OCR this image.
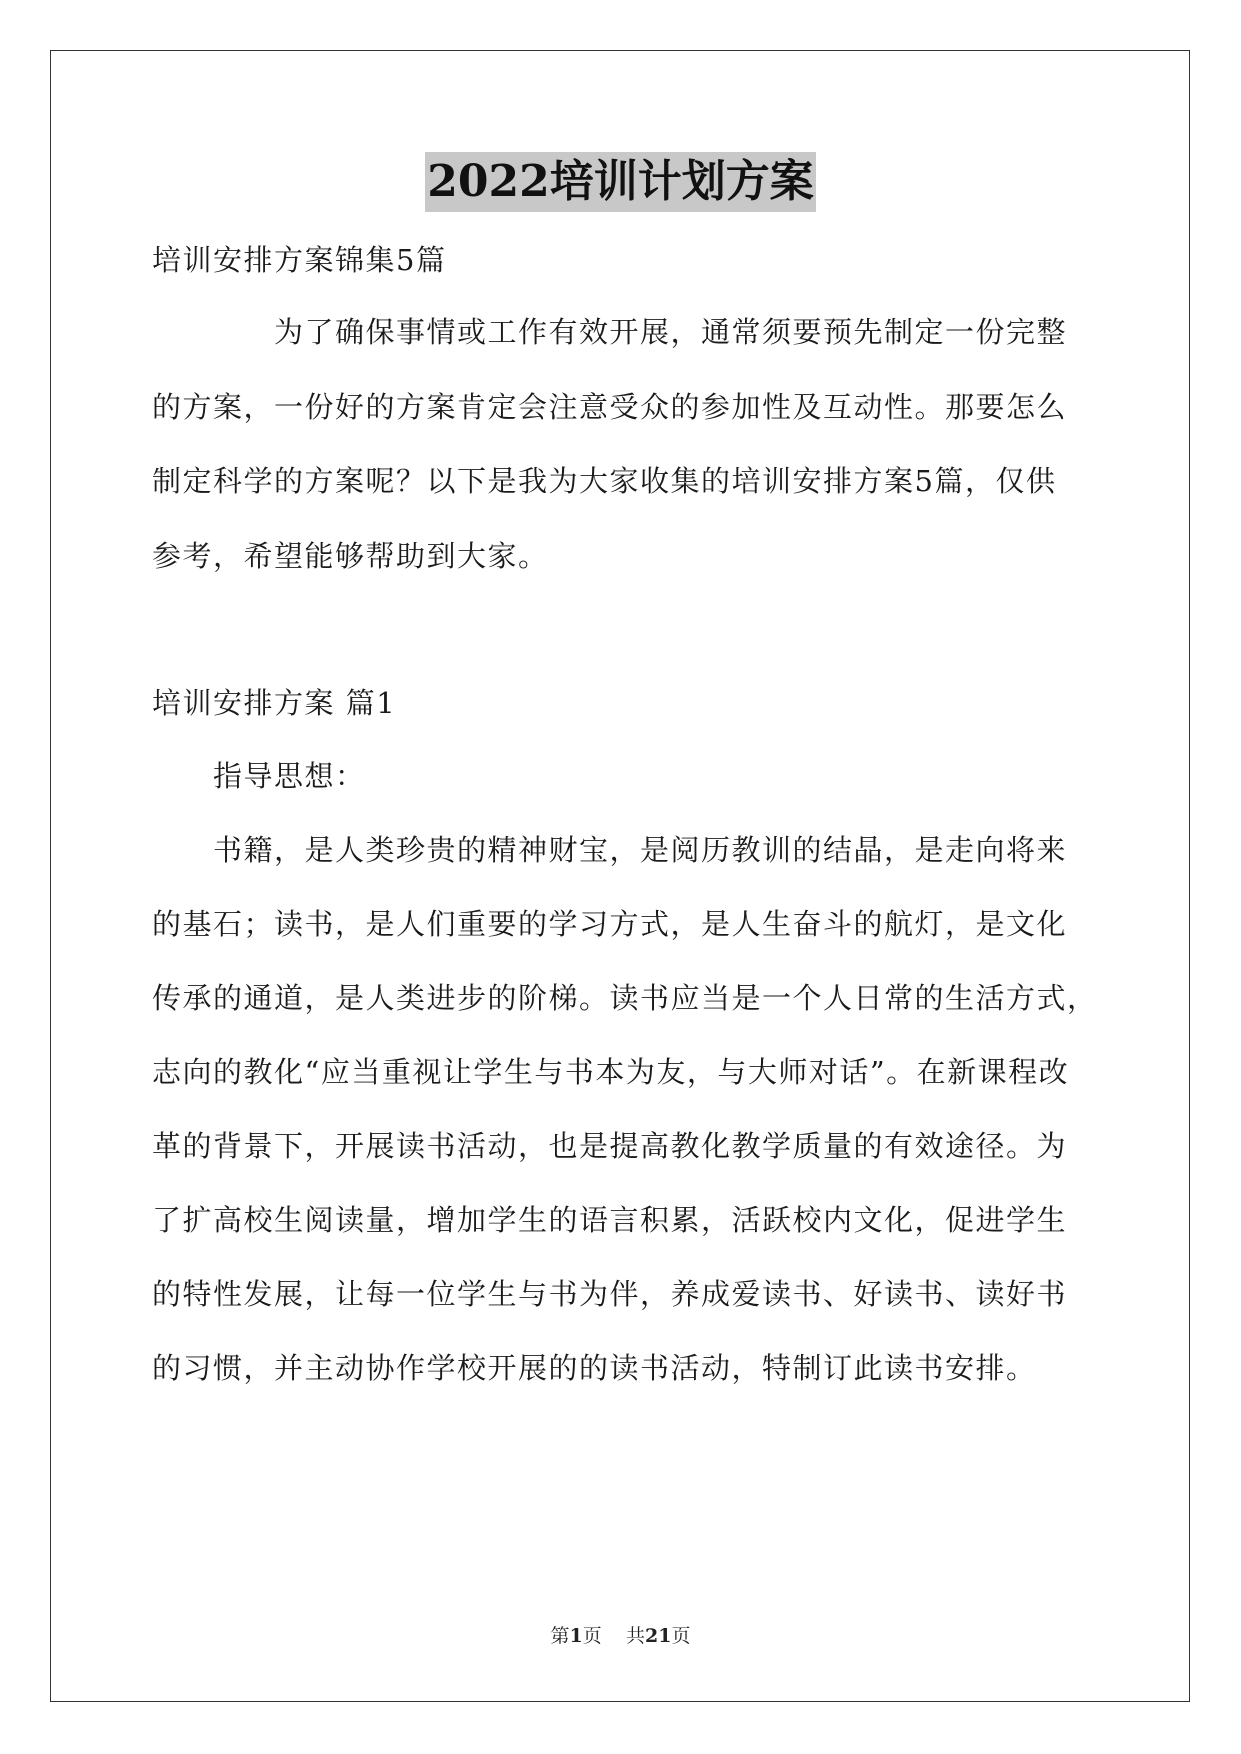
2022培训计划方案
培训安排方案锦集5篇
为了确保事情或工作有效开展，通常须要预先制定一份完整
的方案，一份好的方案肯定会注意受众的参加性及互动性。那要怎么
制定科学的方案呢？以下是我为大家收集的培训安排方案5篇，仅供
参考，希望能够帮助到大家。
培训安排方案 篇1
指导思想：
书籍，是人类珍贵的精神财宝，是阅历教训的结晶，是走向将来
的基石；读书，是人们重要的学习方式，是人生奋斗的航灯，是文化
传承的通道，是人类进步的阶梯。读书应当是一个人日常的生活方式，
志向的教化“应当重视让学生与书本为友，与大师对话”。在新课程改
革的背景下，开展读书活动，也是提高教化教学质量的有效途径。为
了扩高校生阅读量，增加学生的语言积累，活跃校内文化，促进学生
的特性发展，让每一位学生与书为伴，养成爱读书、好读书、读好书
的习惯，并主动协作学校开展的的读书活动，特制订此读书安排。
第1页 共21页
